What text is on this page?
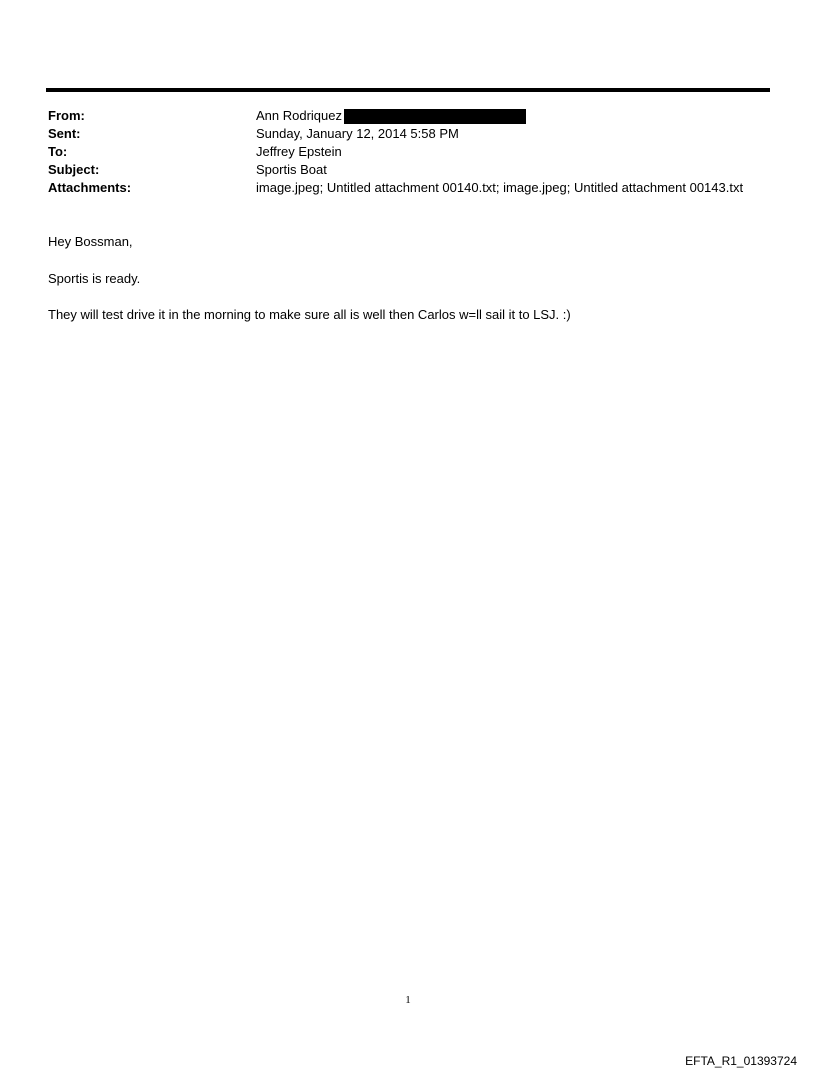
From:	Ann Rodriquez
Sent:	Sunday, January 12, 2014 5:58 PM
To:	Jeffrey Epstein
Subject:	Sportis Boat
Attachments:	image.jpeg; Untitled attachment 00140.txt; image.jpeg; Untitled attachment 00143.txt

Hey Bossman,

Sportis is ready.

They will test drive it in the morning to make sure all is well then Carlos w=ll sail it to LSJ. :)

1
EFTA_R1_01393724
